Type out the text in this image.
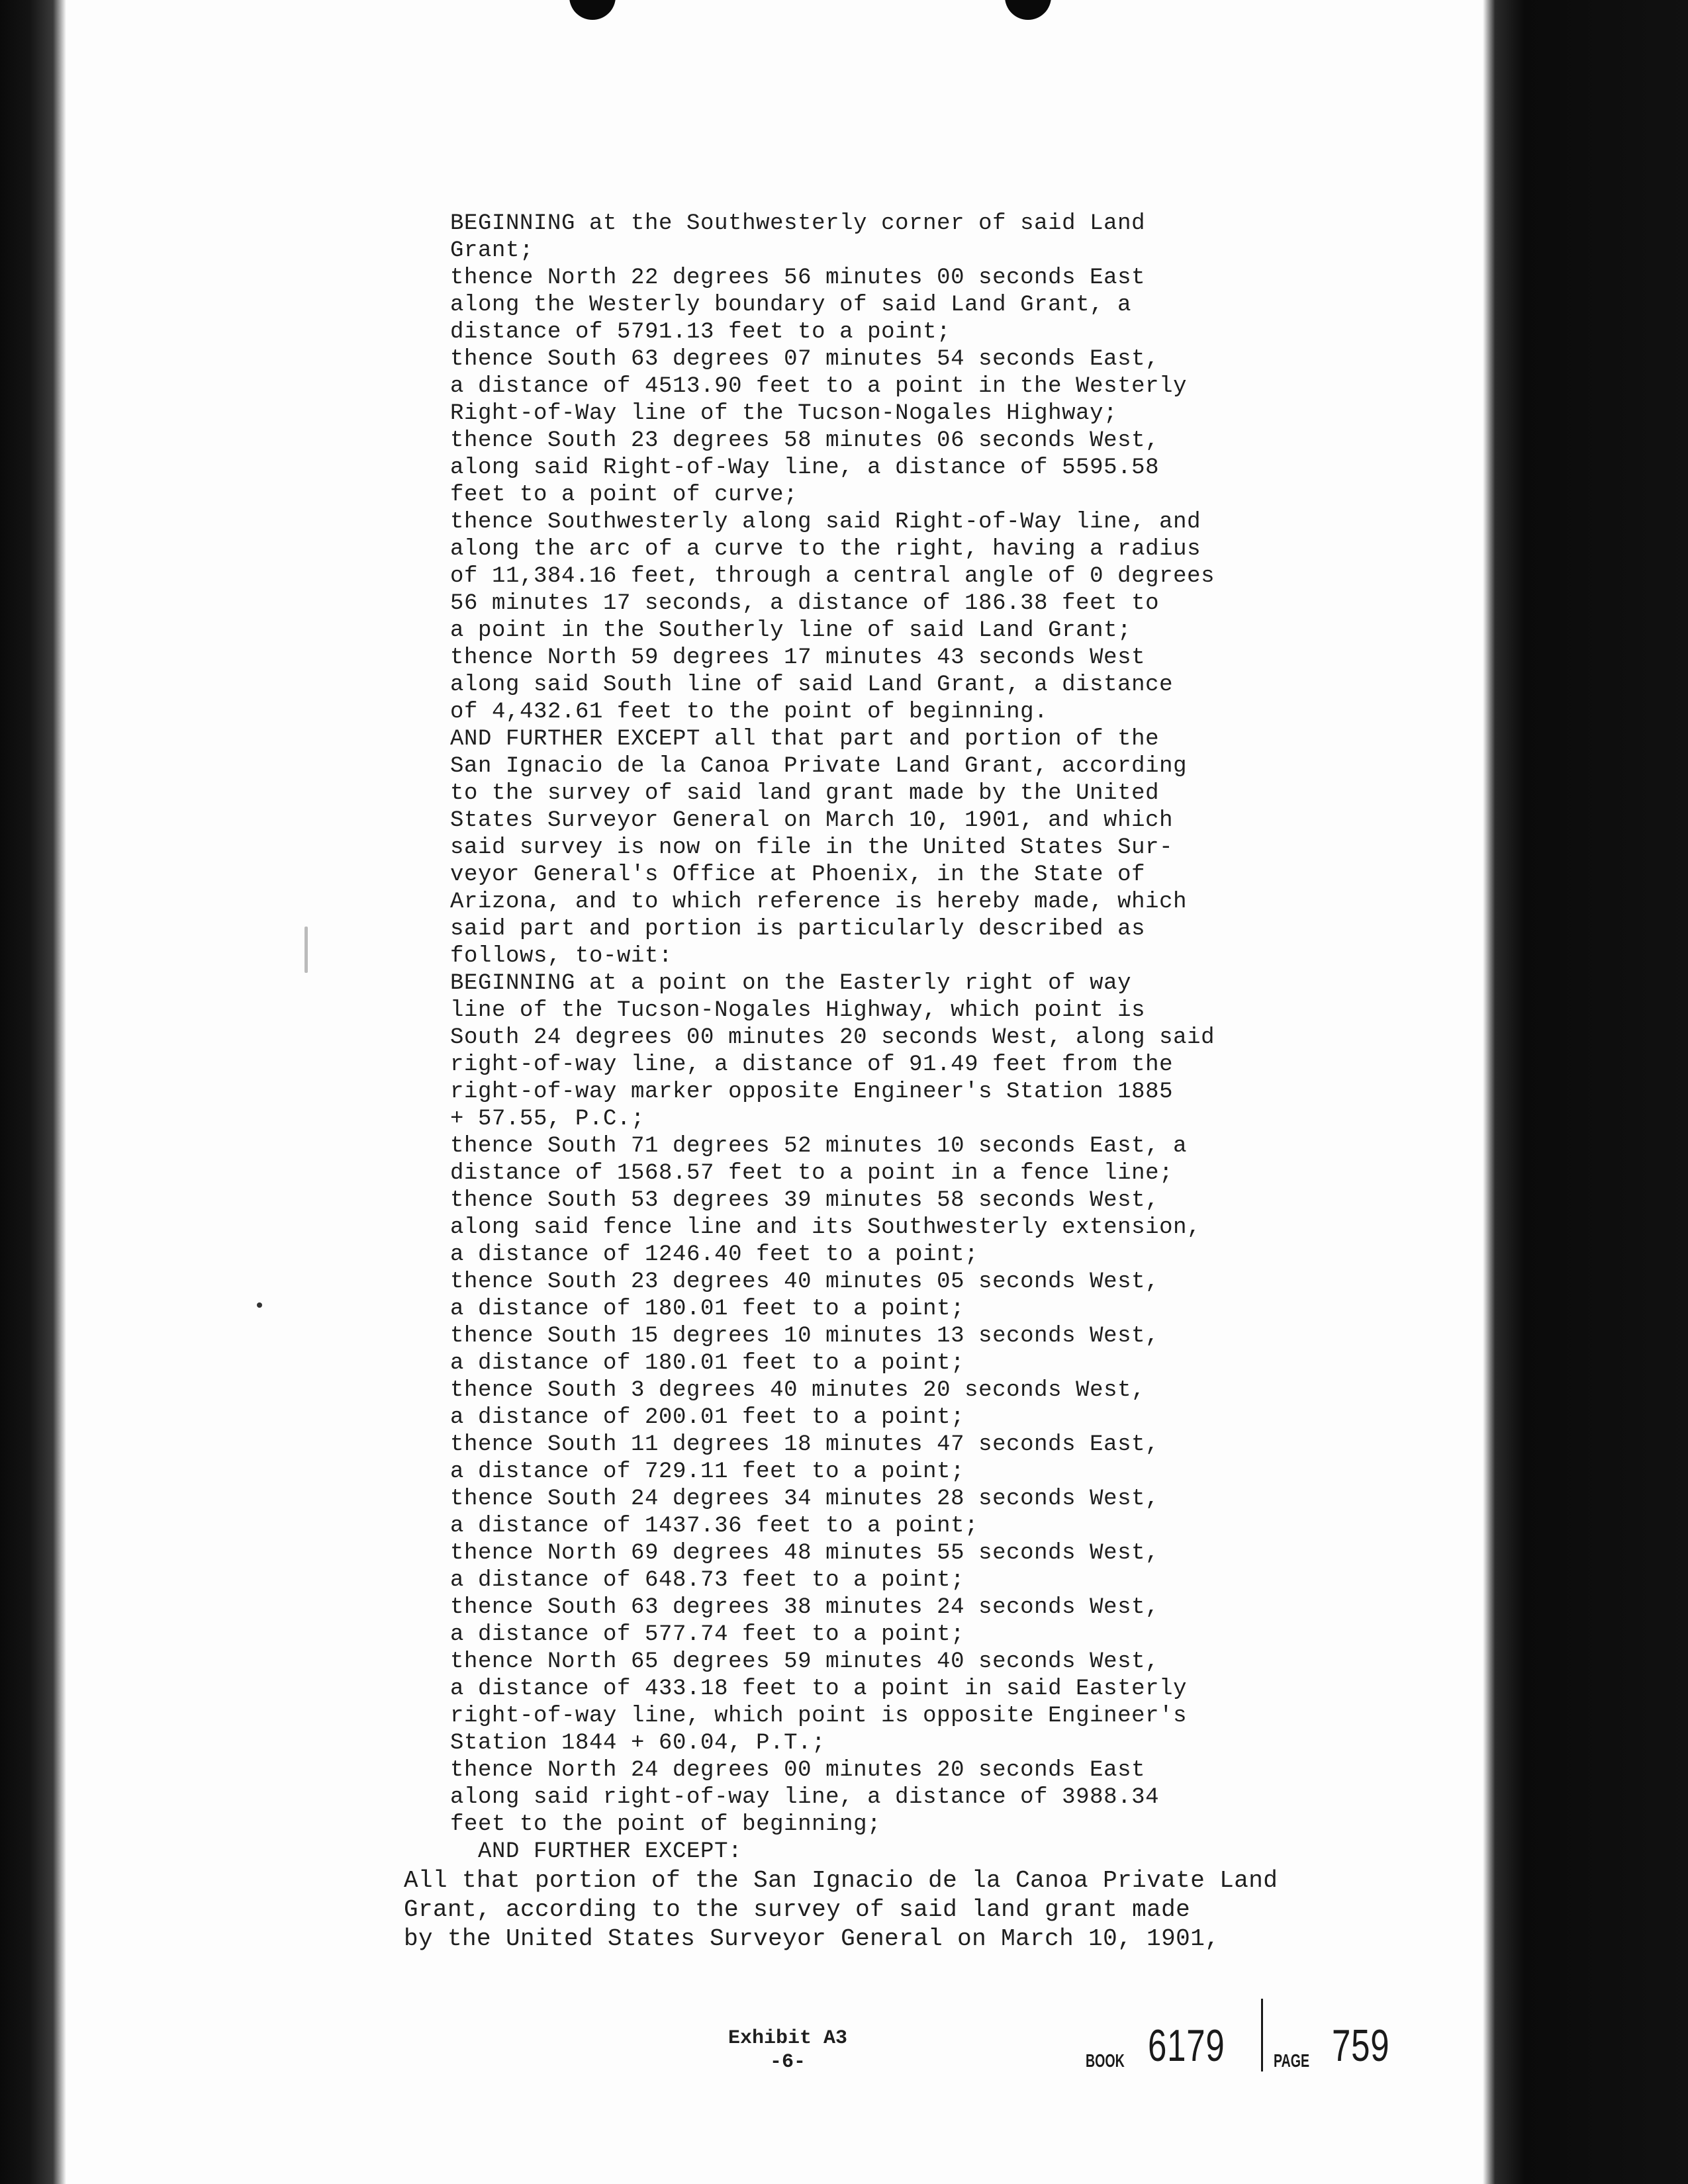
BEGINNING at the Southwesterly corner of said Land
Grant;
thence North 22 degrees 56 minutes 00 seconds East
along the Westerly boundary of said Land Grant, a
distance of 5791.13 feet to a point;
thence South 63 degrees 07 minutes 54 seconds East,
a distance of 4513.90 feet to a point in the Westerly
Right-of-Way line of the Tucson-Nogales Highway;
thence South 23 degrees 58 minutes 06 seconds West,
along said Right-of-Way line, a distance of 5595.58
feet to a point of curve;
thence Southwesterly along said Right-of-Way line, and
along the arc of a curve to the right, having a radius
of 11,384.16 feet, through a central angle of 0 degrees
56 minutes 17 seconds, a distance of 186.38 feet to
a point in the Southerly line of said Land Grant;
thence North 59 degrees 17 minutes 43 seconds West
along said South line of said Land Grant, a distance
of 4,432.61 feet to the point of beginning.
AND FURTHER EXCEPT all that part and portion of the
San Ignacio de la Canoa Private Land Grant, according
to the survey of said land grant made by the United
States Surveyor General on March 10, 1901, and which
said survey is now on file in the United States Sur-
veyor General's Office at Phoenix, in the State of
Arizona, and to which reference is hereby made, which
said part and portion is particularly described as
follows, to-wit:
BEGINNING at a point on the Easterly right of way
line of the Tucson-Nogales Highway, which point is
South 24 degrees 00 minutes 20 seconds West, along said
right-of-way line, a distance of 91.49 feet from the
right-of-way marker opposite Engineer's Station 1885
+ 57.55, P.C.;
thence South 71 degrees 52 minutes 10 seconds East, a
distance of 1568.57 feet to a point in a fence line;
thence South 53 degrees 39 minutes 58 seconds West,
along said fence line and its Southwesterly extension,
a distance of 1246.40 feet to a point;
thence South 23 degrees 40 minutes 05 seconds West,
a distance of 180.01 feet to a point;
thence South 15 degrees 10 minutes 13 seconds West,
a distance of 180.01 feet to a point;
thence South 3 degrees 40 minutes 20 seconds West,
a distance of 200.01 feet to a point;
thence South 11 degrees 18 minutes 47 seconds East,
a distance of 729.11 feet to a point;
thence South 24 degrees 34 minutes 28 seconds West,
a distance of 1437.36 feet to a point;
thence North 69 degrees 48 minutes 55 seconds West,
a distance of 648.73 feet to a point;
thence South 63 degrees 38 minutes 24 seconds West,
a distance of 577.74 feet to a point;
thence North 65 degrees 59 minutes 40 seconds West,
a distance of 433.18 feet to a point in said Easterly
right-of-way line, which point is opposite Engineer's
Station 1844 + 60.04, P.T.;
thence North 24 degrees 00 minutes 20 seconds East
along said right-of-way line, a distance of 3988.34
feet to the point of beginning;
AND FURTHER EXCEPT:
All that portion of the San Ignacio de la Canoa Private Land
Grant, according to the survey of said land grant made
by the United States Surveyor General on March 10, 1901,
Exhibit A3
-6-	BOOK 6179	PAGE 759
